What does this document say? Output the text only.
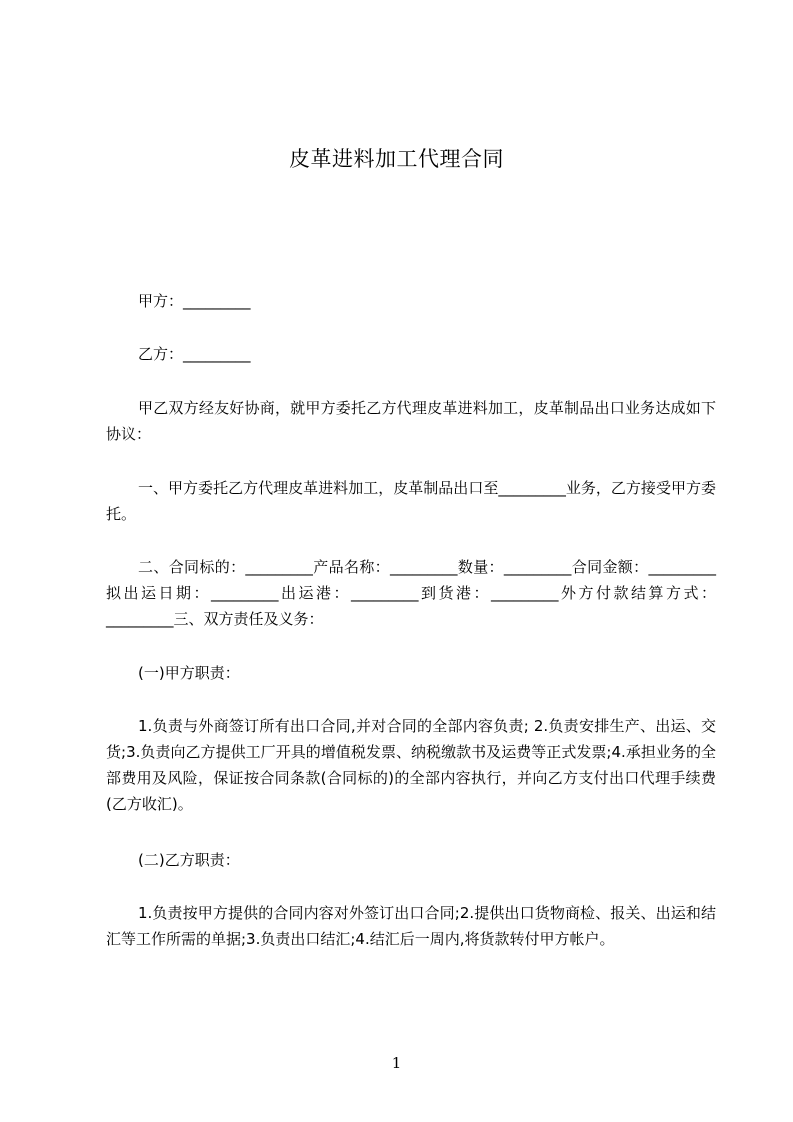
皮革进料加工代理合同

甲方：_________

乙方：_________

甲乙双方经友好协商，就甲方委托乙方代理皮革进料加工，皮革制品出口业务达成如下协议：

一、甲方委托乙方代理皮革进料加工，皮革制品出口至_________业务，乙方接受甲方委托。

二、合同标的：_________产品名称：_________数量：_________合同金额：_________拟出运日期：_________出运港：_________到货港：_________外方付款结算方式：_________三、双方责任及义务：

(一)甲方职责：

1.负责与外商签订所有出口合同,并对合同的全部内容负责; 2.负责安排生产、出运、交货;3.负责向乙方提供工厂开具的增值税发票、纳税缴款书及运费等正式发票;4.承担业务的全部费用及风险，保证按合同条款(合同标的)的全部内容执行，并向乙方支付出口代理手续费(乙方收汇)。

(二)乙方职责：

1.负责按甲方提供的合同内容对外签订出口合同;2.提供出口货物商检、报关、出运和结汇等工作所需的单据;3.负责出口结汇;4.结汇后一周内,将货款转付甲方帐户。

1
